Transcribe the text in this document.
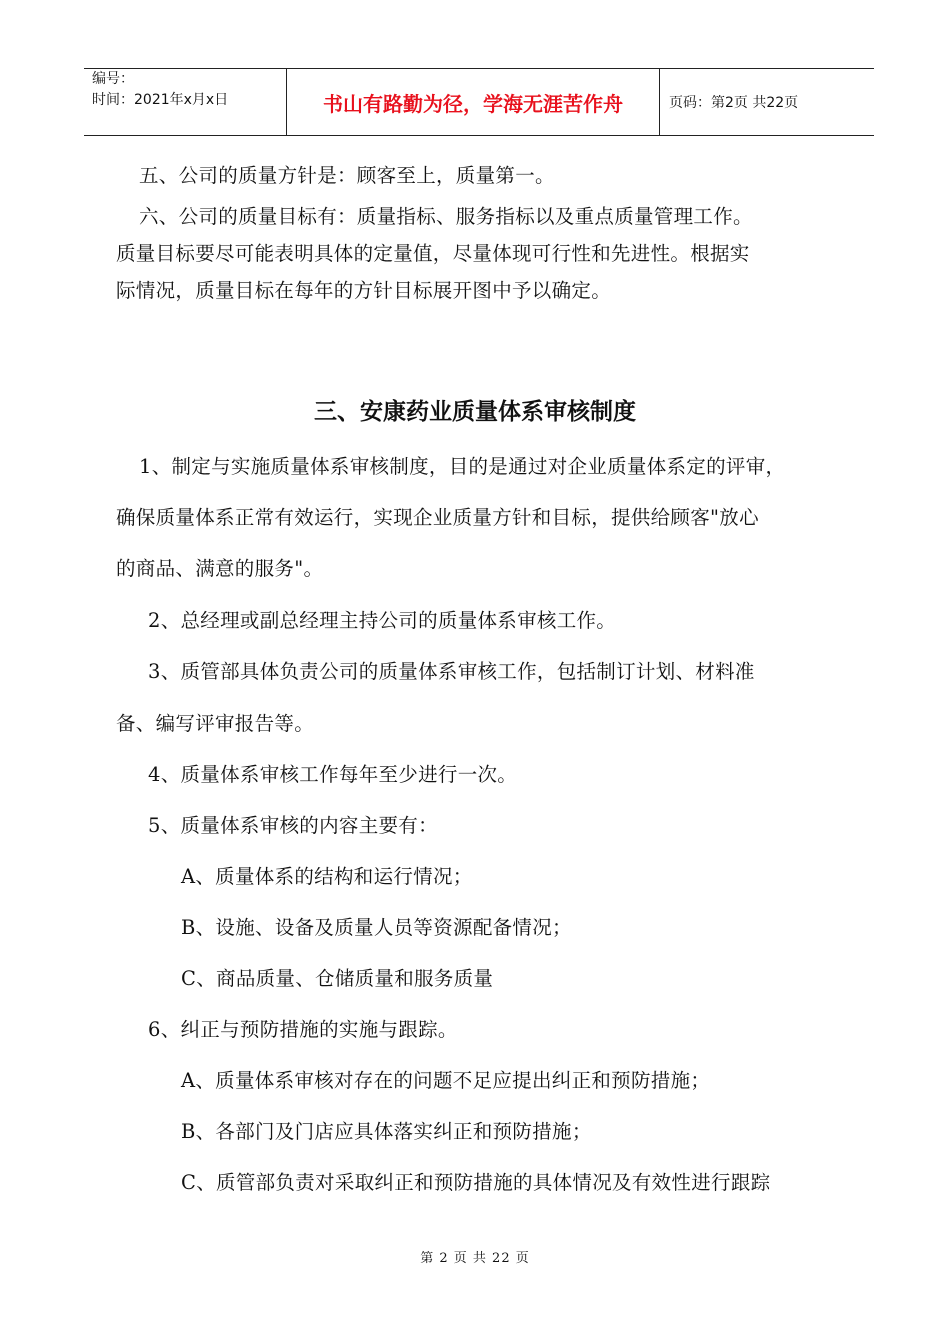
编号：
时间：2021年x月x日	书山有路勤为径，学海无涯苦作舟	页码：第2页 共22页
五、公司的质量方针是：顾客至上，质量第一。
六、公司的质量目标有：质量指标、服务指标以及重点质量管理工作。
质量目标要尽可能表明具体的定量值，尽量体现可行性和先进性。根据实
际情况，质量目标在每年的方针目标展开图中予以确定。
三、安康药业质量体系审核制度
1、制定与实施质量体系审核制度，目的是通过对企业质量体系定的评审，
确保质量体系正常有效运行，实现企业质量方针和目标，提供给顾客"放心
的商品、满意的服务"。
2、总经理或副总经理主持公司的质量体系审核工作。
3、质管部具体负责公司的质量体系审核工作，包括制订计划、材料准
备、编写评审报告等。
4、质量体系审核工作每年至少进行一次。
5、质量体系审核的内容主要有：
A、质量体系的结构和运行情况；
B、设施、设备及质量人员等资源配备情况；
C、商品质量、仓储质量和服务质量
6、纠正与预防措施的实施与跟踪。
A、质量体系审核对存在的问题不足应提出纠正和预防措施；
B、各部门及门店应具体落实纠正和预防措施；
C、质管部负责对采取纠正和预防措施的具体情况及有效性进行跟踪
第 2 页 共 22 页
